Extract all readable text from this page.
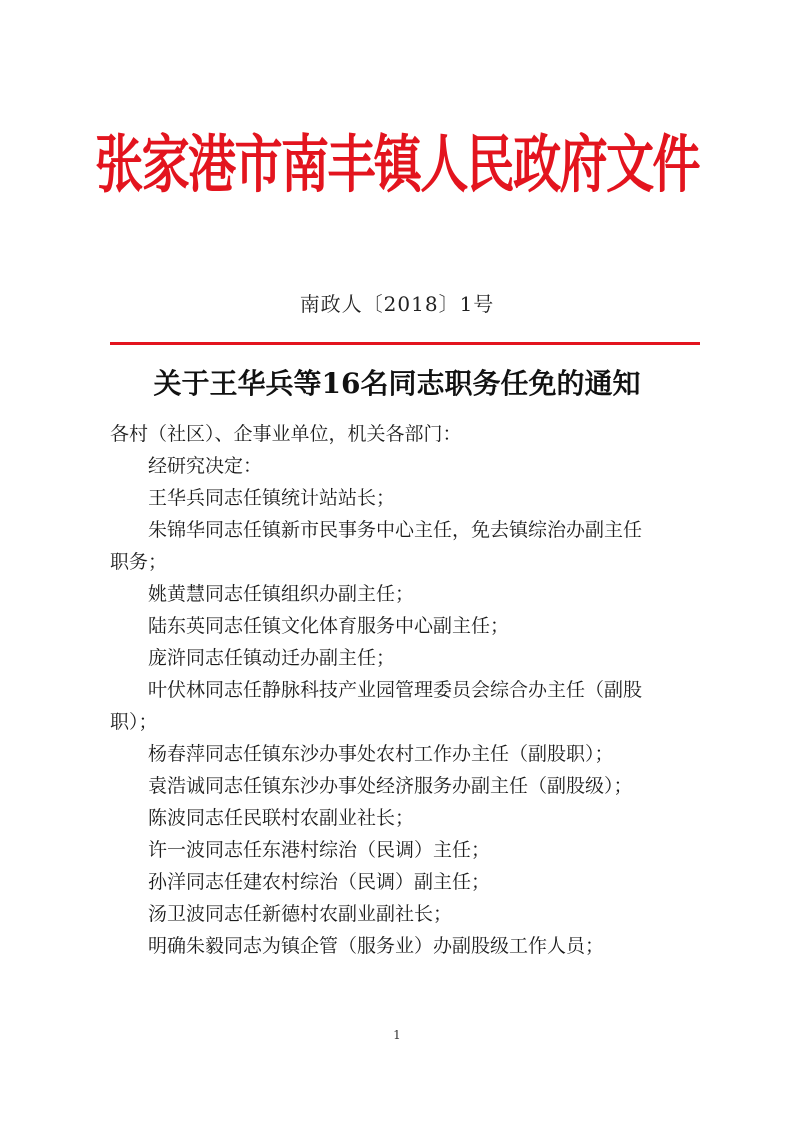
张家港市南丰镇人民政府文件
南政人〔2018〕1号
关于王华兵等16名同志职务任免的通知
各村（社区）、企事业单位，机关各部门：
经研究决定：
王华兵同志任镇统计站站长；
朱锦华同志任镇新市民事务中心主任，免去镇综治办副主任
职务；
姚黄慧同志任镇组织办副主任；
陆东英同志任镇文化体育服务中心副主任；
庞浒同志任镇动迁办副主任；
叶伏林同志任静脉科技产业园管理委员会综合办主任（副股
职）；
杨春萍同志任镇东沙办事处农村工作办主任（副股职）；
袁浩诚同志任镇东沙办事处经济服务办副主任（副股级）；
陈波同志任民联村农副业社长；
许一波同志任东港村综治（民调）主任；
孙洋同志任建农村综治（民调）副主任；
汤卫波同志任新德村农副业副社长；
明确朱毅同志为镇企管（服务业）办副股级工作人员；
1
